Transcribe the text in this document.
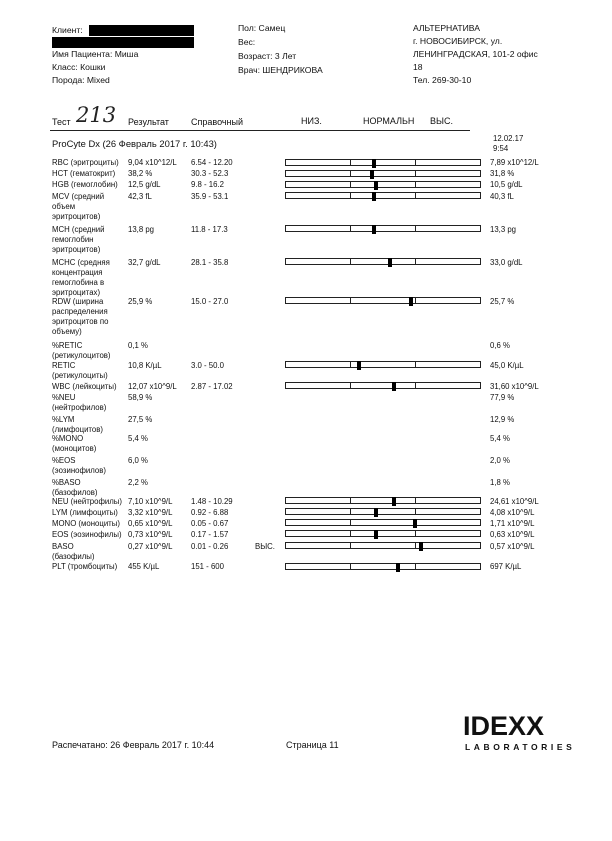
Клиент:
Имя Пациента: Миша
Класс: Кошки
Порода: Mixed
Пол: Самец
Вес:
Возраст: 3 Лет
Врач: ШЕНДРИКОВА
АЛЬТЕРНАТИВА
г. НОВОСИБИРСК, ул.
ЛЕНИНГРАДСКАЯ, 101-2 офис
18
Тел. 269-30-10
Тест 213 Результат Справочный	НИЗ.	НОРМАЛЬН ВЫС.
ProCyte Dx (26 Февраль 2017 г. 10:43)	12.02.17
9:54
RBC (эритроциты) 9,04 x10^12/L 6.54 - 12.20	7,89 x10^12/L
HCT (гематокрит) 38,2 %	30.3 - 52.3	31,8 %
HGB (гемоглобин) 12,5 g/dL	9.8 - 16.2	10,5 g/dL
MCV (средний
объем
эритроцитов)
42,3 fL	35.9 - 53.1	40,3 fL
MCH (средний
гемоглобин
эритроцитов)
13,8 pg	11.8 - 17.3	13,3 pg
MCHC (средняя
концентрация
гемоглобина в
эритроцитах)
32,7 g/dL	28.1 - 35.8	33,0 g/dL
RDW (ширина
распределения
эритроцитов по
объему)
25,9 %	15.0 - 27.0	25,7 %
%RETIC
(ретикулоцитов)
0,1 %	0,6 %
RETIC
(ретикулоциты)
10,8 K/µL	3.0 - 50.0	45,0 K/µL
WBC (лейкоциты) 12,07 x10^9/L 2.87 - 17.02	31,60 x10^9/L
%NEU
(нейтрофилов)
58,9 %	77,9 %
%LYM
(лимфоцитов)
27,5 %	12,9 %
%MONO
(моноцитов)
5,4 %	5,4 %
%EOS
(эозинофилов)
6,0 %	2,0 %
%BASO
(базофилов)
2,2 %	1,8 %
NEU (нейтрофилы) 7,10 x10^9/L 1.48 - 10.29	24,61 x10^9/L
LYM (лимфоциты) 3,32 x10^9/L 0.92 - 6.88	4,08 x10^9/L
MONO (моноциты) 0,65 x10^9/L 0.05 - 0.67	1,71 x10^9/L
EOS (эозинофилы) 0,73 x10^9/L 0.17 - 1.57	0,63 x10^9/L
BASO
(базофилы)
0,27 x10^9/L 0.01 - 0.26	ВЫС.	0,57 x10^9/L
PLT (тромбоциты) 455 K/µL	151 - 600	697 K/µL
Распечатано: 26 Февраль 2017 г. 10:44	Страница 11
IDEXX
LABORATORIES
